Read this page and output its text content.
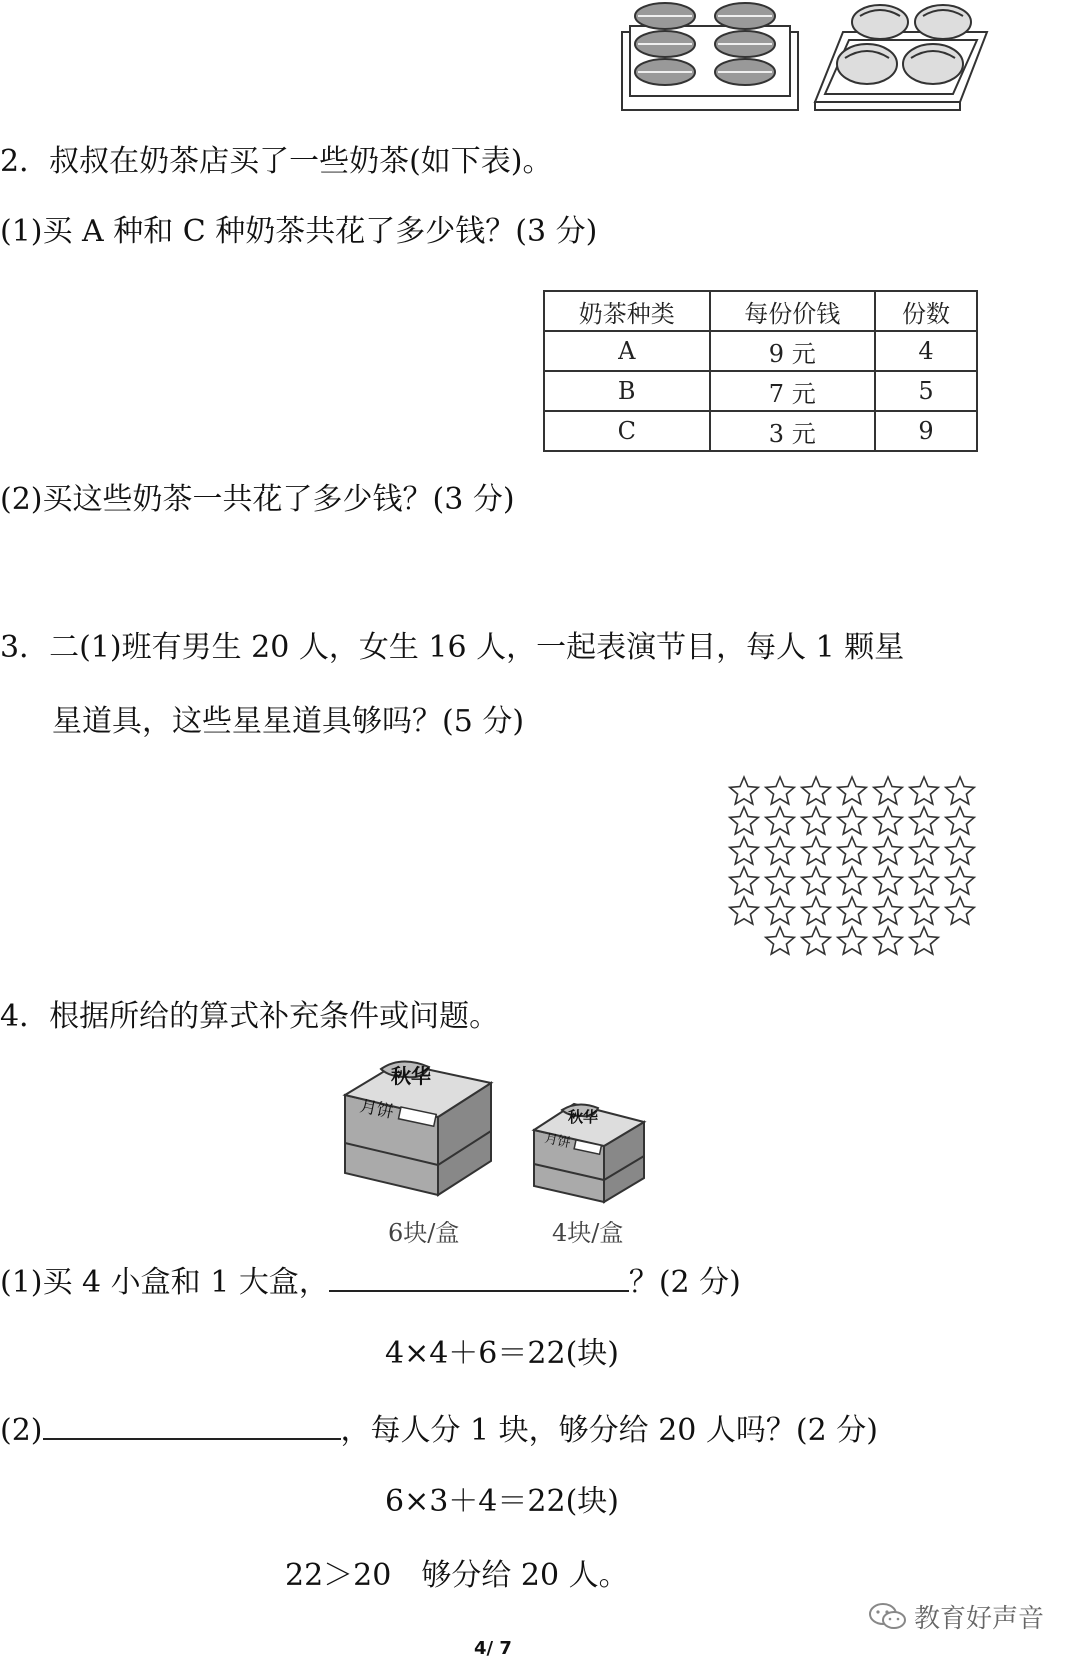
2．叔叔在奶茶店买了一些奶茶(如下表)。
(1)买 A 种和 C 种奶茶共花了多少钱？(3 分)
奶茶种类	每份价钱	份数
A	9 元	4
B	7 元	5
C	3 元	9
(2)买这些奶茶一共花了多少钱？(3 分)
3．二(1)班有男生 20 人，女生 16 人，一起表演节目，每人 1 颗星
星道具，这些星星道具够吗？(5 分)
4．根据所给的算式补充条件或问题。
秋华
月饼	秋华
月饼
6块/盒	4块/盒
(1)买 4 小盒和 1 大盒，	？(2 分)
4×4＋6＝22(块)
(2)	，每人分 1 块，够分给 20 人吗？(2 分)
6×3＋4＝22(块)
22＞20　够分给 20 人。
教育好声音
4/ 7
